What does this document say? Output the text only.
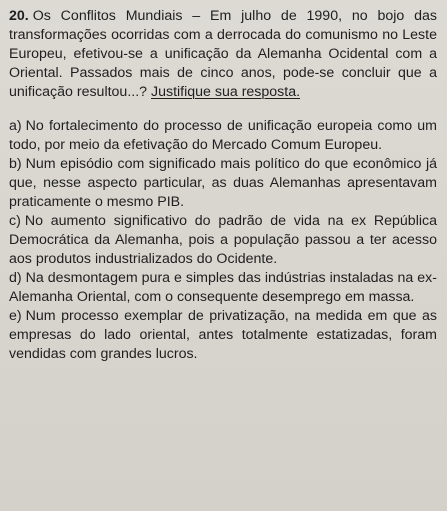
20. Os Conflitos Mundiais – Em julho de 1990, no bojo das transformações ocorridas com a derrocada do comunismo no Leste Europeu, efetivou-se a unificação da Alemanha Ocidental com a Oriental. Passados mais de cinco anos, pode-se concluir que a unificação resultou...? Justifique sua resposta.

a) No fortalecimento do processo de unificação europeia como um todo, por meio da efetivação do Mercado Comum Europeu.

b) Num episódio com significado mais político do que econômico já que, nesse aspecto particular, as duas Alemanhas apresentavam praticamente o mesmo PIB.

c) No aumento significativo do padrão de vida na ex República Democrática da Alemanha, pois a população passou a ter acesso aos produtos industrializados do Ocidente.

d) Na desmontagem pura e simples das indústrias instaladas na ex-Alemanha Oriental, com o consequente desemprego em massa.

e) Num processo exemplar de privatização, na medida em que as empresas do lado oriental, antes totalmente estatizadas, foram vendidas com grandes lucros.
